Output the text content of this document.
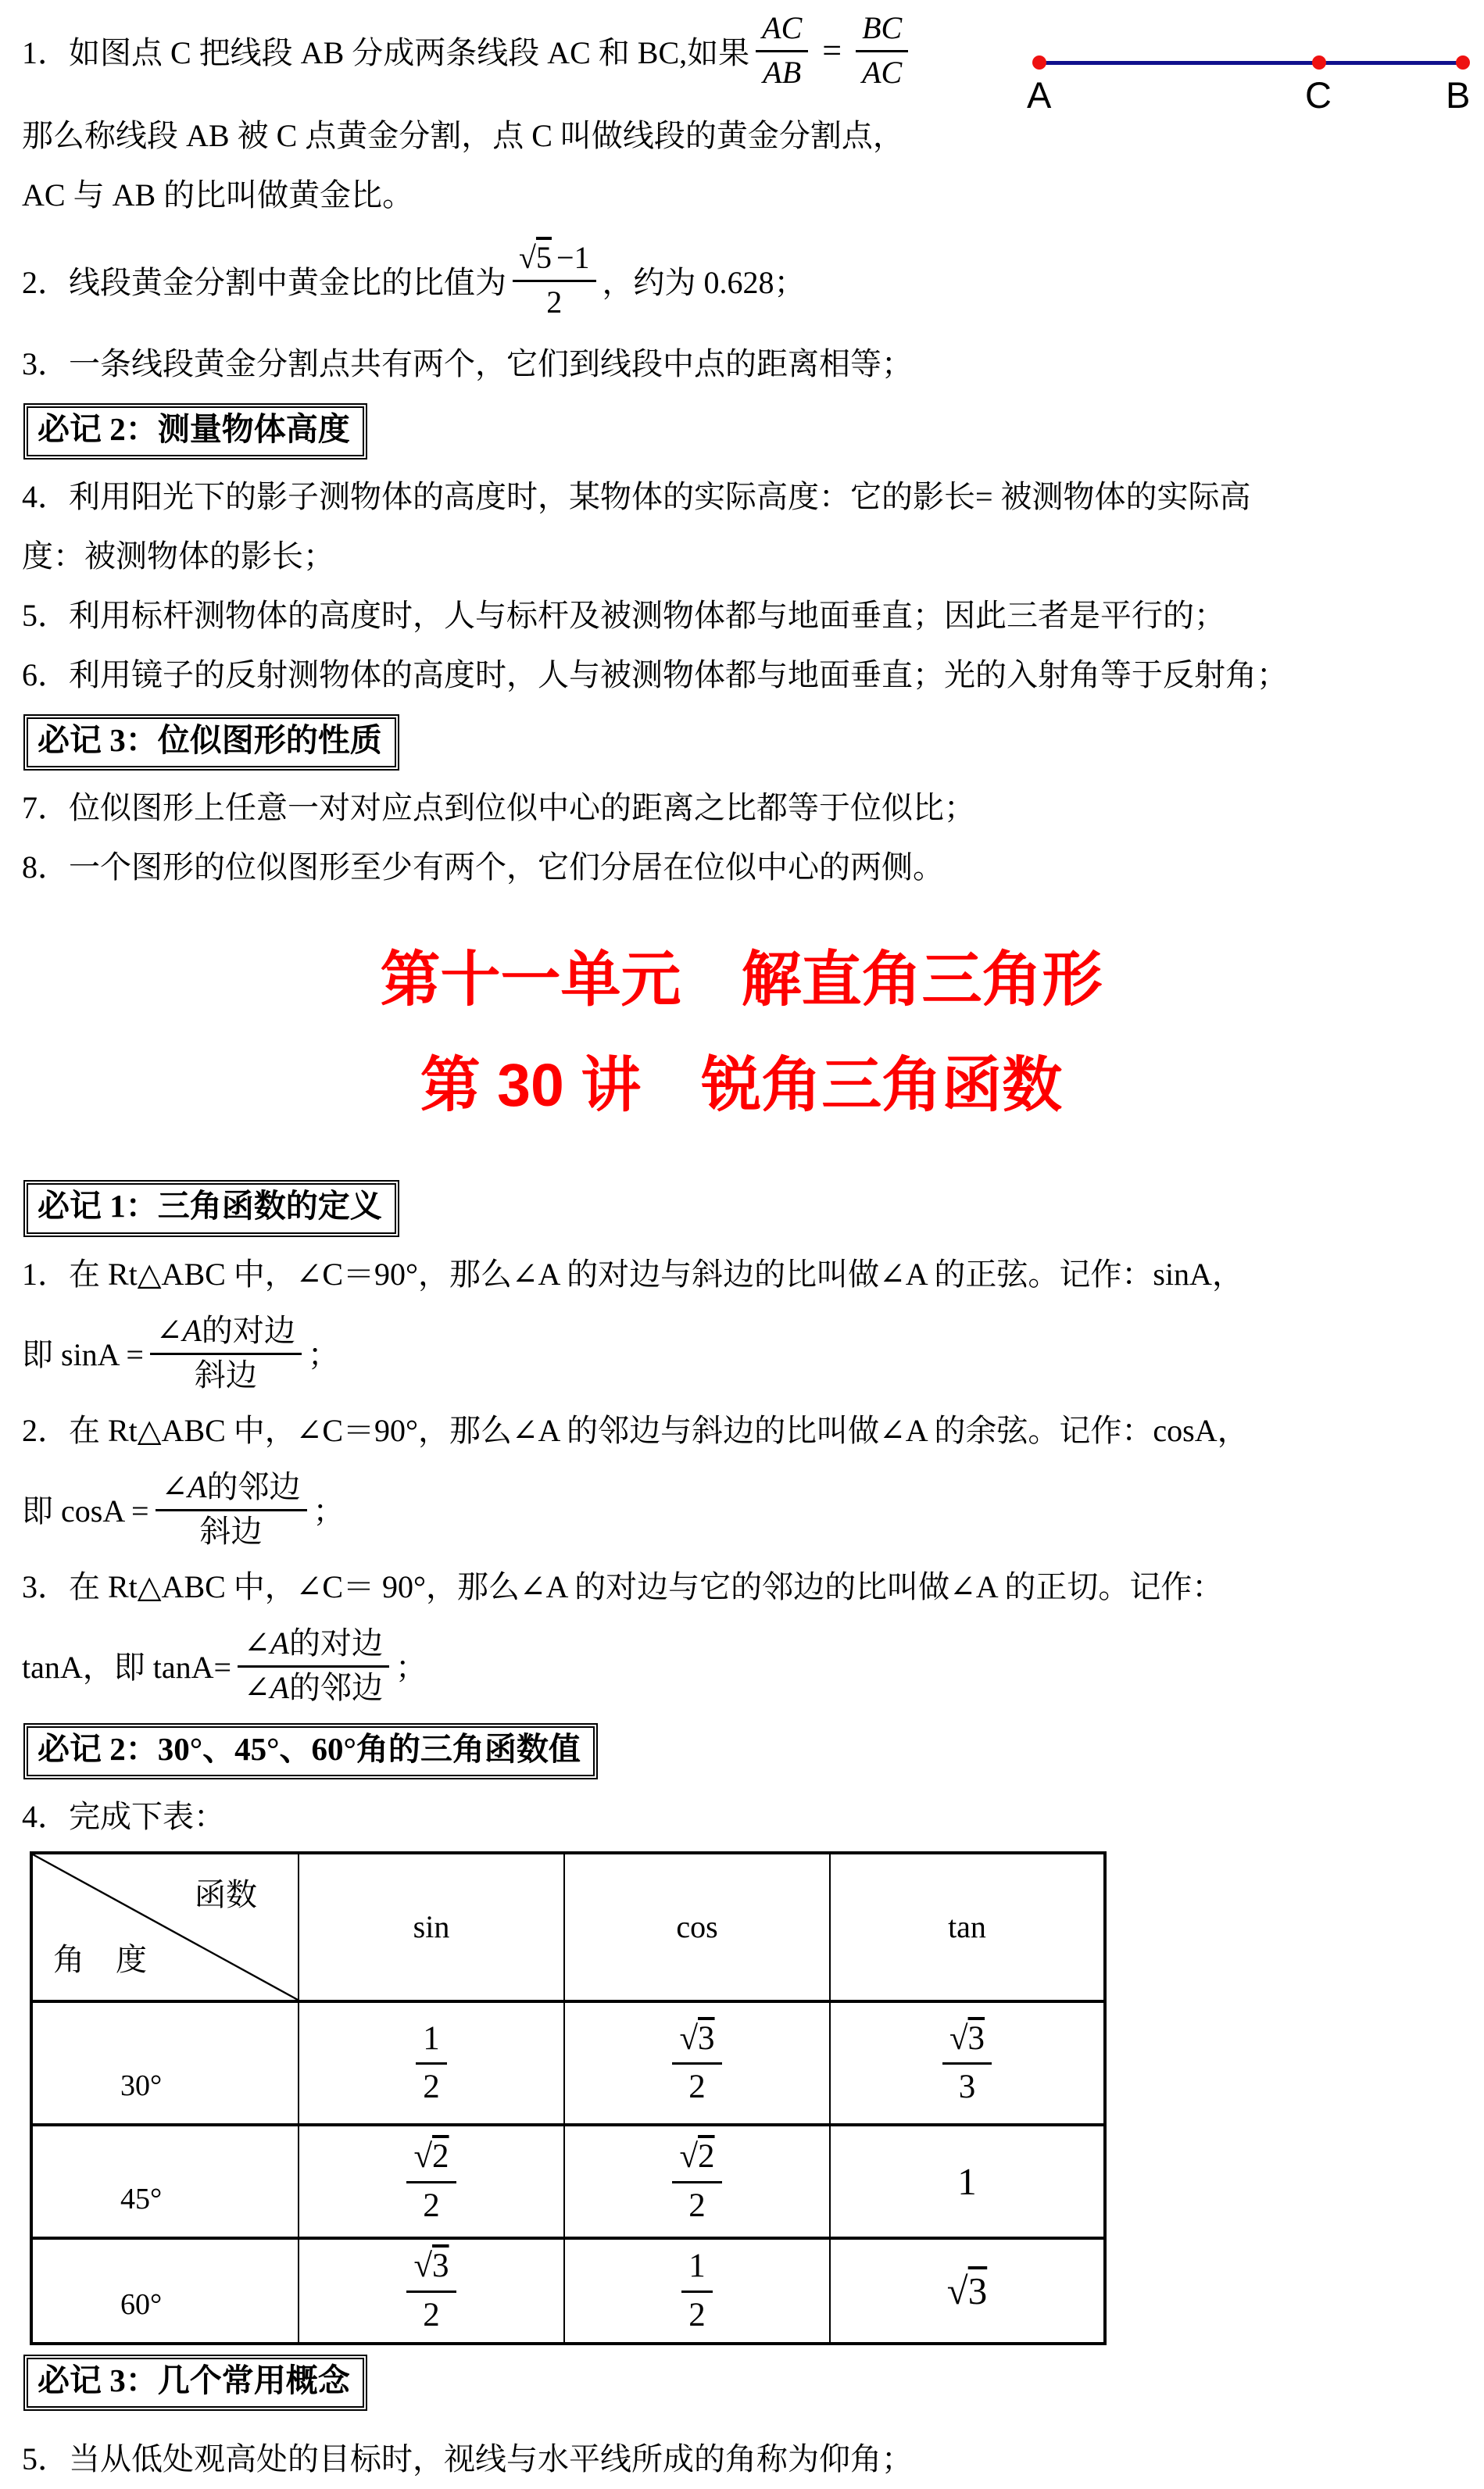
A	C	B
1．如图点 C 把线段 AB 分成两条线段 AC 和 BC,如果 $\frac{AC}{AB} = \frac{BC}{AC}$
那么称线段 AB 被 C 点黄金分割，点 C 叫做线段的黄金分割点，
AC 与 AB 的比叫做黄金比。
2．线段黄金分割中黄金比的比值为 $\frac{√5 -1}{2}$ ，约为 0.628；
3．一条线段黄金分割点共有两个，它们到线段中点的距离相等；
必记 2：测量物体高度
4．利用阳光下的影子测物体的高度时，某物体的实际高度：它的影长= 被测物体的实际高
度：被测物体的影长；
5．利用标杆测物体的高度时，人与标杆及被测物体都与地面垂直；因此三者是平行的；
6．利用镜子的反射测物体的高度时，人与被测物体都与地面垂直；光的入射角等于反射角；
必记 3：位似图形的性质
7．位似图形上任意一对对应点到位似中心的距离之比都等于位似比；
8．一个图形的位似图形至少有两个，它们分居在位似中心的两侧。
第十一单元　解直角三角形
第 30 讲　锐角三角函数
必记 1：三角函数的定义
1．在 Rt△ABC 中，∠C＝90°，那么∠A 的对边与斜边的比叫做∠A 的正弦。记作：sinA，
即 $\sin A = \frac{\text{∠A的对边}}{\text{斜边}}$ ；
2．在 Rt△ABC 中，∠C＝90°，那么∠A 的邻边与斜边的比叫做∠A 的余弦。记作：cosA，
即 $\cos A = \frac{\text{∠A的邻边}}{\text{斜边}}$ ；
3．在 Rt△ABC 中，∠C＝ 90°，那么∠A 的对边与它的邻边的比叫做∠A 的正切。记作：
tanA，即 $\tan A= \frac{\text{∠A的对边}}{\text{∠A的邻边}}$ ；
必记 2：30°、45°、60°角的三角函数值
4．完成下表：
函数
角　度	sin	cos	tan
30°	$\frac{1}{2}$	$\frac{√3}{2}$	$\frac{√3}{3}$

45°	$\frac{√2}{2}$	$\frac{√2}{2}$	1
60°	$\frac{√3}{2}$	$\frac{1}{2}$	√3
必记 3：几个常用概念
5．当从低处观高处的目标时，视线与水平线所成的角称为仰角；
